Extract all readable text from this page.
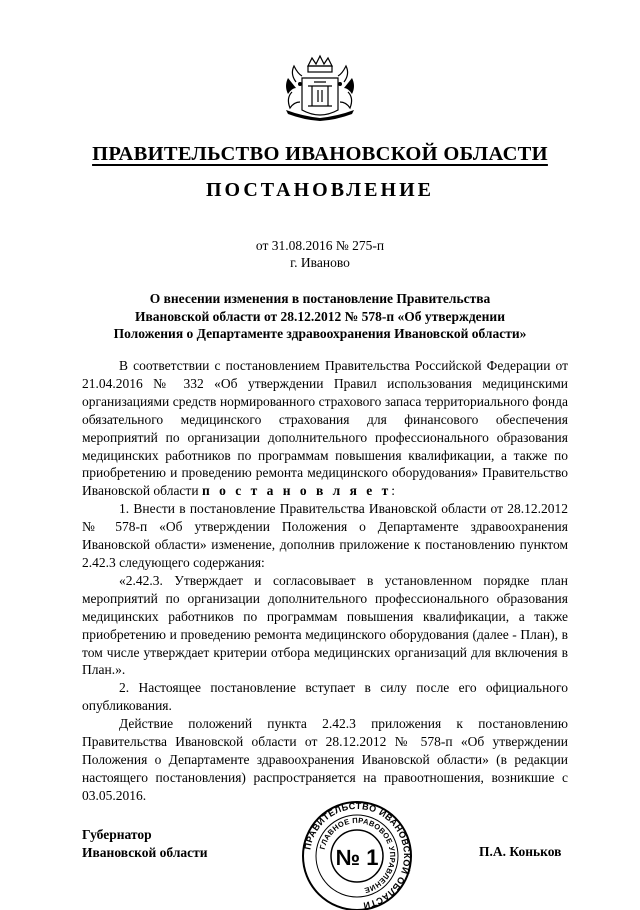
ПРАВИТЕЛЬСТВО ИВАНОВСКОЙ ОБЛАСТИ
ПОСТАНОВЛЕНИЕ
от 31.08.2016 № 275-п
г. Иваново
О внесении изменения в постановление Правительства
Ивановской области от 28.12.2012 № 578-п «Об утверждении
Положения о Департаменте здравоохранения Ивановской области»

В соответствии с постановлением Правительства Российской Федерации от 21.04.2016 № 332 «Об утверждении Правил использования медицинскими организациями средств нормированного страхового запаса территориального фонда обязательного медицинского страхования для финансового обеспечения мероприятий по организации дополнительного профессионального образования медицинских работников по программам повышения квалификации, а также по приобретению и проведению ремонта медицинского оборудования» Правительство Ивановской области п о с т а н о в л я е т:

1. Внести в постановление Правительства Ивановской области от 28.12.2012 № 578-п «Об утверждении Положения о Департаменте здравоохранения Ивановской области» изменение, дополнив приложение к постановлению пунктом 2.42.3 следующего содержания:

«2.42.3. Утверждает и согласовывает в установленном порядке план мероприятий по организации дополнительного профессионального образования медицинских работников по программам повышения квалификации, а также приобретению и проведению ремонта медицинского оборудования (далее - План), в том числе утверждает критерии отбора медицинских организаций для включения в План.».

2. Настоящее постановление вступает в силу после его официального опубликования.

Действие положений пункта 2.42.3 приложения к постановлению Правительства Ивановской области от 28.12.2012 № 578-п «Об утверждении Положения о Департаменте здравоохранения Ивановской области» (в редакции настоящего постановления) распространяется на правоотношения, возникшие с 03.05.2016.

Губернатор
Ивановской области	П.А. Коньков
ПРАВИТЕЛЬСТВО ИВАНОВСКОЙ ОБЛАСТИ
ГЛАВНОЕ ПРАВОВОЕ УПРАВЛЕНИЕ
№ 1
